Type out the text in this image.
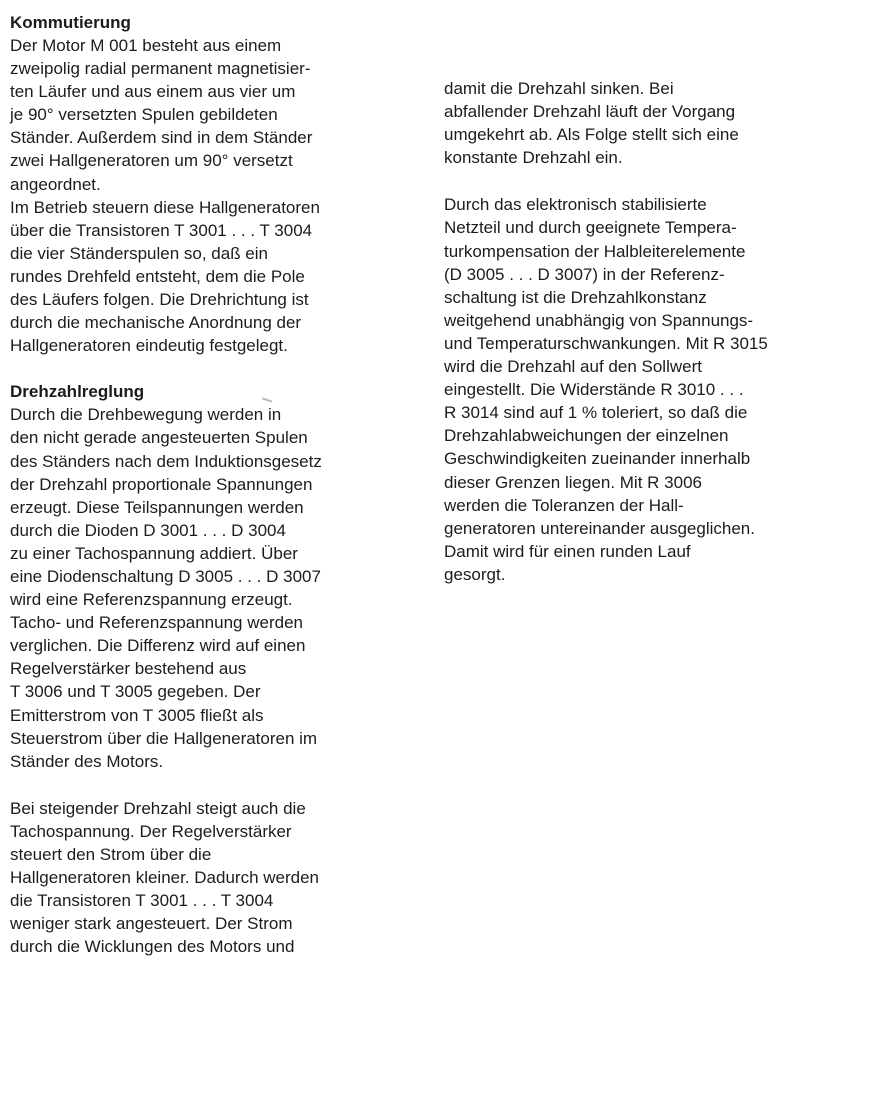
Kommutierung
Der Motor M 001 besteht aus einem
zweipolig radial permanent magnetisier-
ten Läufer und aus einem aus vier um
je 90° versetzten Spulen gebildeten
Ständer. Außerdem sind in dem Ständer
zwei Hallgeneratoren um 90° versetzt
angeordnet.
Im Betrieb steuern diese Hallgeneratoren
über die Transistoren T 3001 . . . T 3004
die vier Ständerspulen so, daß ein
rundes Drehfeld entsteht, dem die Pole
des Läufers folgen. Die Drehrichtung ist
durch die mechanische Anordnung der
Hallgeneratoren eindeutig festgelegt.
Drehzahlreglung
Durch die Drehbewegung werden in
den nicht gerade angesteuerten Spulen
des Ständers nach dem Induktionsgesetz
der Drehzahl proportionale Spannungen
erzeugt. Diese Teilspannungen werden
durch die Dioden D 3001 . . . D 3004
zu einer Tachospannung addiert. Über
eine Diodenschaltung D 3005 . . . D 3007
wird eine Referenzspannung erzeugt.
Tacho- und Referenzspannung werden
verglichen. Die Differenz wird auf einen
Regelverstärker bestehend aus
T 3006 und T 3005 gegeben. Der
Emitterstrom von T 3005 fließt als
Steuerstrom über die Hallgeneratoren im
Ständer des Motors.
Bei steigender Drehzahl steigt auch die
Tachospannung. Der Regelverstärker
steuert den Strom über die
Hallgeneratoren kleiner. Dadurch werden
die Transistoren T 3001 . . . T 3004
weniger stark angesteuert. Der Strom
durch die Wicklungen des Motors und
damit die Drehzahl sinken. Bei
abfallender Drehzahl läuft der Vorgang
umgekehrt ab. Als Folge stellt sich eine
konstante Drehzahl ein.
Durch das elektronisch stabilisierte
Netzteil und durch geeignete Tempera-
turkompensation der Halbleiterelemente
(D 3005 . . . D 3007) in der Referenz-
schaltung ist die Drehzahlkonstanz
weitgehend unabhängig von Spannungs-
und Temperaturschwankungen. Mit R 3015
wird die Drehzahl auf den Sollwert
eingestellt. Die Widerstände R 3010 . . .
R 3014 sind auf 1 % toleriert, so daß die
Drehzahlabweichungen der einzelnen
Geschwindigkeiten zueinander innerhalb
dieser Grenzen liegen. Mit R 3006
werden die Toleranzen der Hall-
generatoren untereinander ausgeglichen.
Damit wird für einen runden Lauf
gesorgt.
